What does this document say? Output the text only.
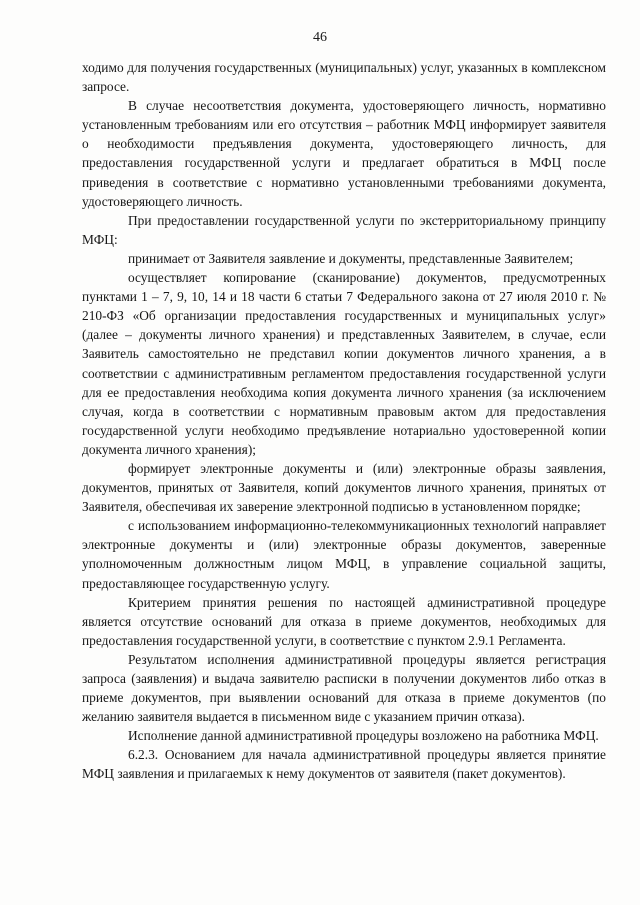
46

ходимо для получения государственных (муниципальных) услуг, указанных в комплексном запросе.

В случае несоответствия документа, удостоверяющего личность, нормативно установленным требованиям или его отсутствия – работник МФЦ информирует заявителя о необходимости предъявления документа, удостоверяющего личность, для предоставления государственной услуги и предлагает обратиться в МФЦ после приведения в соответствие с нормативно установленными требованиями документа, удостоверяющего личность.

При предоставлении государственной услуги по экстерриториальному принципу МФЦ:

принимает от Заявителя заявление и документы, представленные Заявителем;

осуществляет копирование (сканирование) документов, предусмотренных пунктами 1 – 7, 9, 10, 14 и 18 части 6 статьи 7 Федерального закона от 27 июля 2010 г. № 210-ФЗ «Об организации предоставления государственных и муниципальных услуг» (далее – документы личного хранения) и представленных Заявителем, в случае, если Заявитель самостоятельно не представил копии документов личного хранения, а в соответствии с административным регламентом предоставления государственной услуги для ее предоставления необходима копия документа личного хранения (за исключением случая, когда в соответствии с нормативным правовым актом для предоставления государственной услуги необходимо предъявление нотариально удостоверенной копии документа личного хранения);

формирует электронные документы и (или) электронные образы заявления, документов, принятых от Заявителя, копий документов личного хранения, принятых от Заявителя, обеспечивая их заверение электронной подписью в установленном порядке;

с использованием информационно-телекоммуникационных технологий направляет электронные документы и (или) электронные образы документов, заверенные уполномоченным должностным лицом МФЦ, в управление социальной защиты, предоставляющее государственную услугу.

Критерием принятия решения по настоящей административной процедуре является отсутствие оснований для отказа в приеме документов, необходимых для предоставления государственной услуги, в соответствие с пунктом 2.9.1 Регламента.

Результатом исполнения административной процедуры является регистрация запроса (заявления) и выдача заявителю расписки в получении документов либо отказ в приеме документов, при выявлении оснований для отказа в приеме документов (по желанию заявителя выдается в письменном виде с указанием причин отказа).

Исполнение данной административной процедуры возложено на работника МФЦ.

6.2.3. Основанием для начала административной процедуры является принятие МФЦ заявления и прилагаемых к нему документов от заявителя (пакет документов).
